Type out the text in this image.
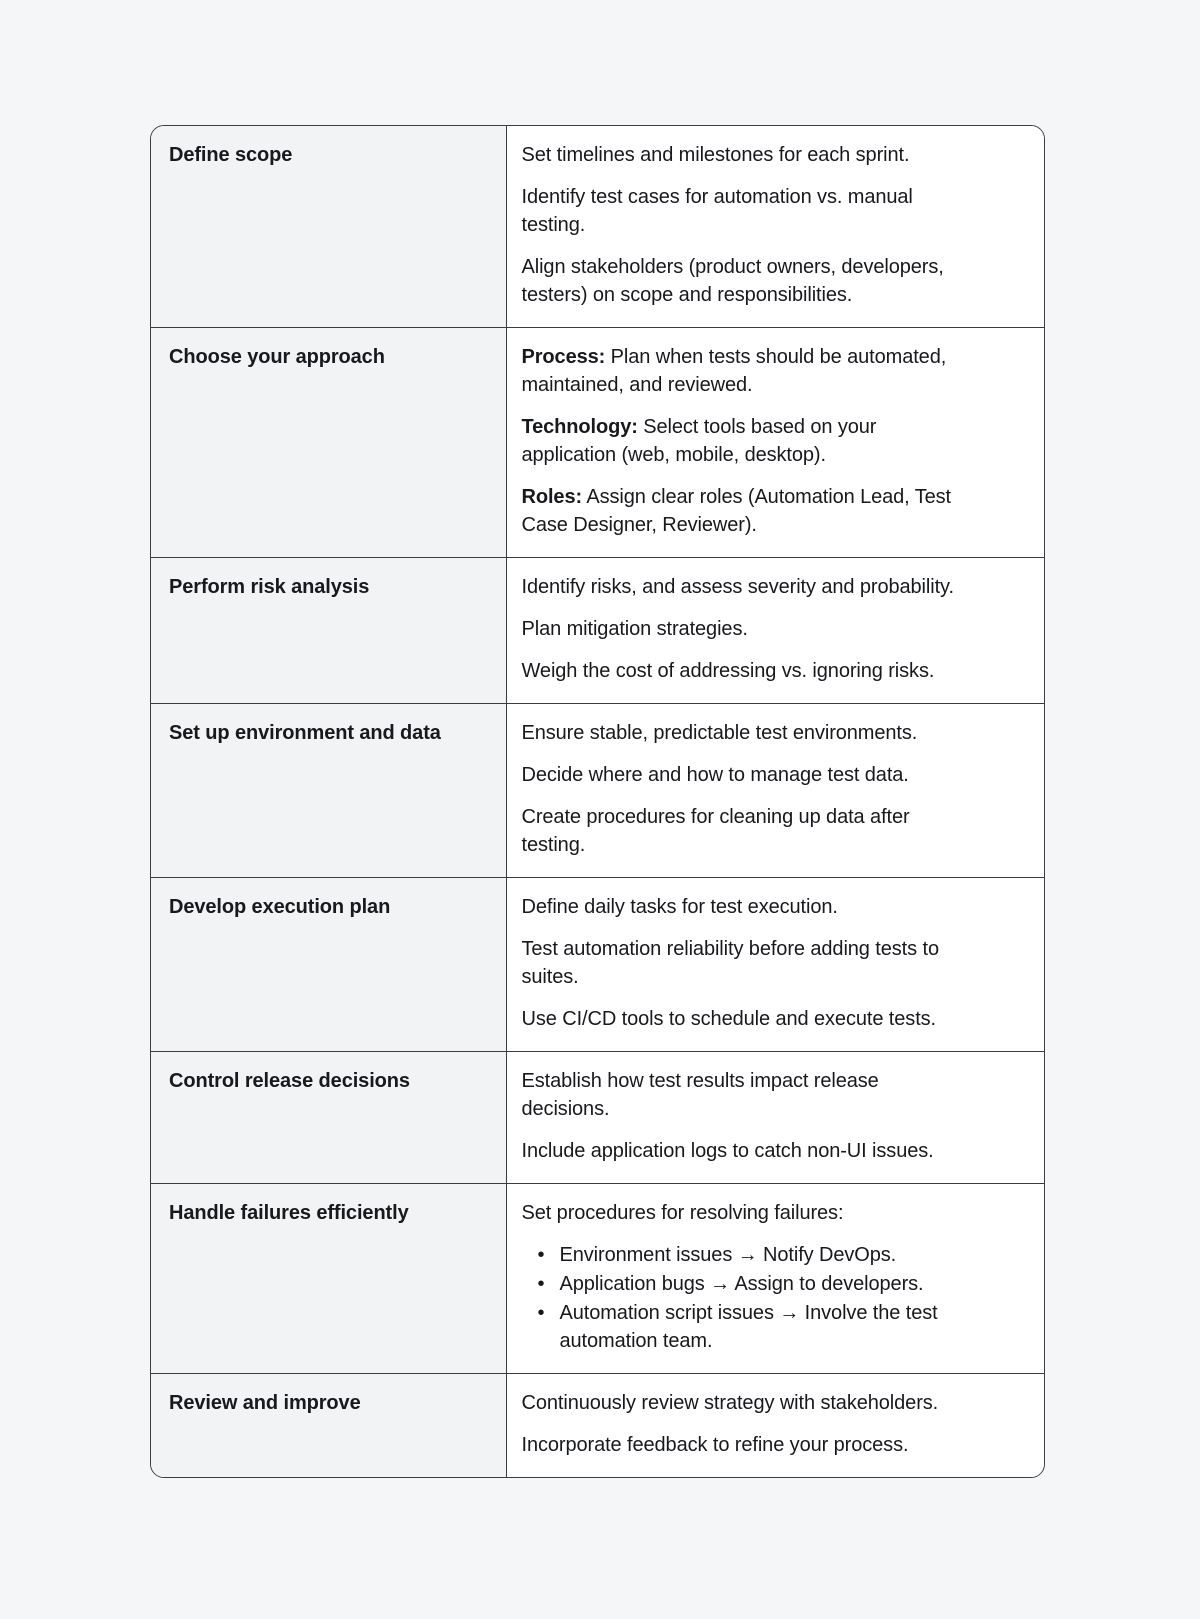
Define scope	Set timelines and milestones for each sprint.

Identify test cases for automation vs. manual testing.

Align stakeholders (product owners, developers, testers) on scope and responsibilities.

Choose your approach	Process: Plan when tests should be automated, maintained, and reviewed.

Technology: Select tools based on your application (web, mobile, desktop).

Roles: Assign clear roles (Automation Lead, Test Case Designer, Reviewer).

Perform risk analysis	Identify risks, and assess severity and probability.

Plan mitigation strategies.

Weigh the cost of addressing vs. ignoring risks.

Set up environment and data	Ensure stable, predictable test environments.

Decide where and how to manage test data.

Create procedures for cleaning up data after testing.

Develop execution plan	Define daily tasks for test execution.

Test automation reliability before adding tests to suites.

Use CI/CD tools to schedule and execute tests.

Control release decisions	Establish how test results impact release decisions.

Include application logs to catch non-UI issues.

Handle failures efficiently	Set procedures for resolving failures:

• Environment issues → Notify DevOps.
• Application bugs → Assign to developers.
• Automation script issues → Involve the test automation team.

Review and improve	Continuously review strategy with stakeholders.

Incorporate feedback to refine your process.
